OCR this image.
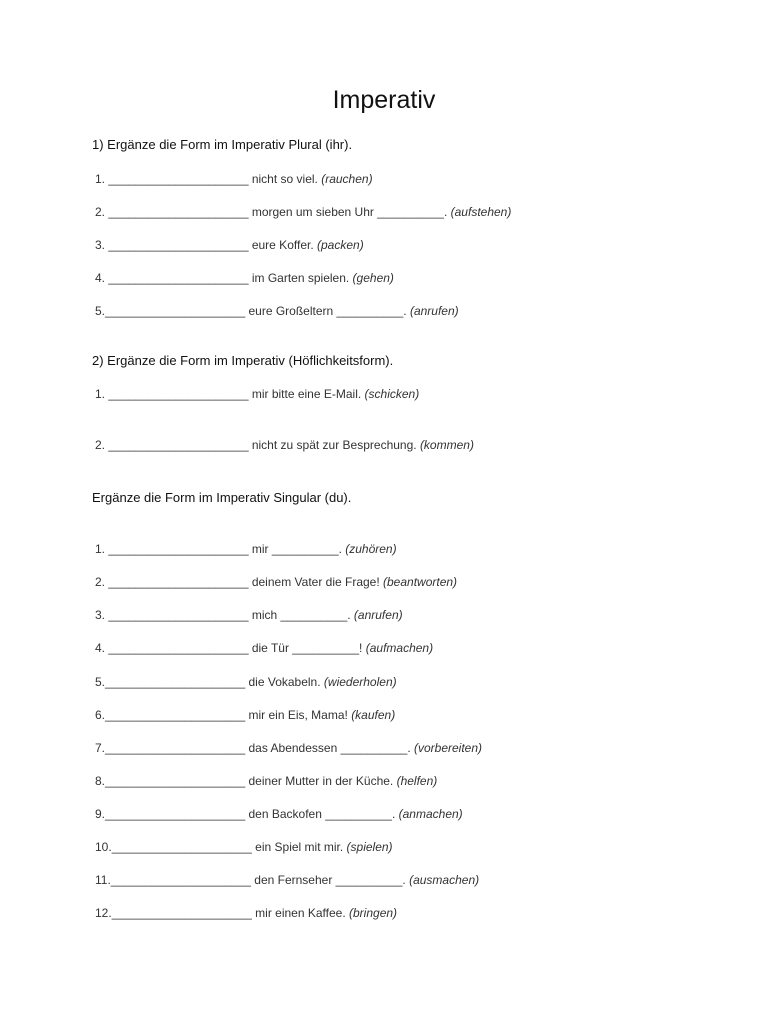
Imperativ
1) Ergänze die Form im Imperativ Plural (ihr).
1. _____________________ nicht so viel. (rauchen)
2. _____________________ morgen um sieben Uhr __________. (aufstehen)
3. _____________________ eure Koffer. (packen)
4. _____________________ im Garten spielen. (gehen)
5._____________________ eure Großeltern __________. (anrufen)
2) Ergänze die Form im Imperativ (Höflichkeitsform).
1. _____________________ mir bitte eine E-Mail. (schicken)
2. _____________________ nicht zu spät zur Besprechung. (kommen)
Ergänze die Form im Imperativ Singular (du).
1. _____________________ mir __________. (zuhören)
2. _____________________ deinem Vater die Frage! (beantworten)
3. _____________________ mich __________. (anrufen)
4. _____________________ die Tür __________! (aufmachen)
5._____________________ die Vokabeln. (wiederholen)
6._____________________ mir ein Eis, Mama! (kaufen)
7._____________________ das Abendessen __________. (vorbereiten)
8._____________________ deiner Mutter in der Küche. (helfen)
9._____________________ den Backofen __________. (anmachen)
10._____________________ ein Spiel mit mir. (spielen)
11._____________________ den Fernseher __________. (ausmachen)
12._____________________ mir einen Kaffee. (bringen)
